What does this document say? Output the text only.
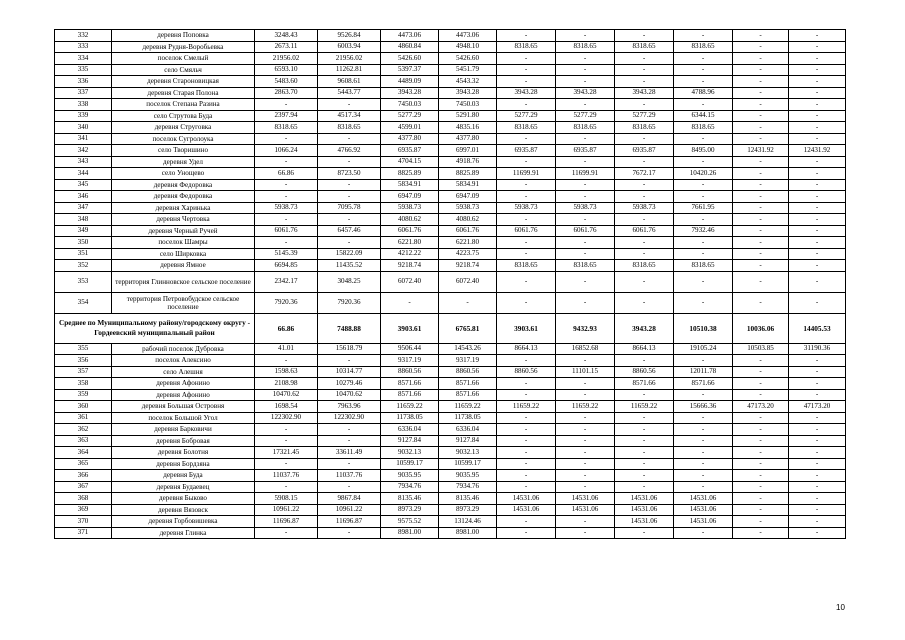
332	деревня Поповка	3248.43	9526.84	4473.06	4473.06	-	-	-	-	-	-
333	деревня Рудня-Воробьевка	2673.11	6003.94	4860.84	4948.10	8318.65	8318.65	8318.65	8318.65	-	-
334	поселок Смелый	21956.02	21956.02	5426.60	5426.60	-	-	-	-	-	-
335	село Смяльч	6593.10	11262.81	5397.37	5451.79	-	-	-	-	-	-
336	деревня Староновицкая	5483.60	9608.61	4489.09	4543.32	-	-	-	-	-	-
337	деревня Старая Полона	2863.70	5443.77	3943.28	3943.28	3943.28	3943.28	3943.28	4788.96	-	-
338	поселок Степана Разина	-	-	7450.03	7450.03	-	-	-	-	-	-
339	село Струтова Буда	2397.94	4517.34	5277.29	5291.80	5277.29	5277.29	5277.29	6344.15	-	-
340	деревня Струговка	8318.65	8318.65	4599.01	4835.16	8318.65	8318.65	8318.65	8318.65	-	-
341	поселок Сугролоука	-	-	4377.80	4377.80	-	-	-	-	-	-
342	село Творишино	1066.24	4766.92	6935.87	6997.01	6935.87	6935.87	6935.87	8495.00	12431.92	12431.92
343	деревня Удел	-	-	4704.15	4918.76	-	-	-	-	-	-
344	село Унощево	66.86	8723.50	8825.89	8825.89	11699.91	11699.91	7672.17	10420.26	-	-
345	деревня Федоровка	-	-	5834.91	5834.91	-	-	-	-	-	-
346	деревня Федоровка	-	-	6947.09	6947.09	-	-	-	-	-	-
347	деревня Харинька	5938.73	7095.78	5938.73	5938.73	5938.73	5938.73	5938.73	7661.95	-	-
348	деревня Чертовка	-	-	4080.62	4080.62	-	-	-	-	-	-
349	деревня Черный Ручей	6061.76	6457.46	6061.76	6061.76	6061.76	6061.76	6061.76	7932.46	-	-
350	поселок Шамры	-	-	6221.80	6221.80	-	-	-	-	-	-
351	село Ширковка	5145.39	15822.09	4212.22	4223.75	-	-	-	-	-	-
352	деревня Ямное	6694.85	11435.52	9218.74	9218.74	8318.65	8318.65	8318.65	8318.65	-	-
353	территория Глинновское сельское поселение	2342.17	3048.25	6072.40	6072.40	-	-	-	-	-	-
354	территория Петровобудское сельское поселение	7920.36	7920.36	-	-	-	-	-	-	-	-
Среднее по Муниципальному району/городскому округу - Гордеевский муниципальный район		66.86	7488.88	3903.61	6765.81	3903.61	9432.93	3943.28	10510.38	10036.06	14405.53
355	рабочий поселок Дубровка	41.01	15618.79	9506.44	14543.26	8664.13	16852.68	8664.13	19105.24	10503.85	31190.36
356	поселок Алексино	-	-	9317.19	9317.19	-	-	-	-	-	-
357	село Алешня	1598.63	10314.77	8860.56	8860.56	8860.56	11101.15	8860.56	12011.78	-	-
358	деревня Афонино	2108.98	10279.46	8571.66	8571.66	-	-	8571.66	8571.66	-	-
359	деревня Афонино	10470.62	10470.62	8571.66	8571.66	-	-	-	-	-	-
360	деревня Большая Островня	1698.54	7963.96	11659.22	11659.22	11659.22	11659.22	11659.22	15666.36	47173.20	47173.20
361	поселок Большой Угол	122302.90	122302.90	11738.05	11738.05	-	-	-	-	-	-
362	деревня Барковичи	-	-	6336.04	6336.04	-	-	-	-	-	-
363	деревня Бобровая	-	-	9127.84	9127.84	-	-	-	-	-	-
364	деревня Болотня	17321.45	33611.49	9032.13	9032.13	-	-	-	-	-	-
365	деревня Бордзяна	-	-	10599.17	10599.17	-	-	-	-	-	-
366	деревня Буда	11037.76	11037.76	9035.95	9035.95	-	-	-	-	-	-
367	деревня Будаевец	-	-	7934.76	7934.76	-	-	-	-	-	-
368	деревня Быково	5908.15	9867.84	8135.46	8135.46	14531.06	14531.06	14531.06	14531.06	-	-
369	деревня Вязовск	10961.22	10961.22	8973.29	8973.29	14531.06	14531.06	14531.06	14531.06	-	-
370	деревня Горбовишевка	11696.87	11696.87	9575.52	13124.46	-	-	14531.06	14531.06	-	-
371	деревня Глинка	-	-	8981.00	8981.00	-	-	-	-	-	-
10
